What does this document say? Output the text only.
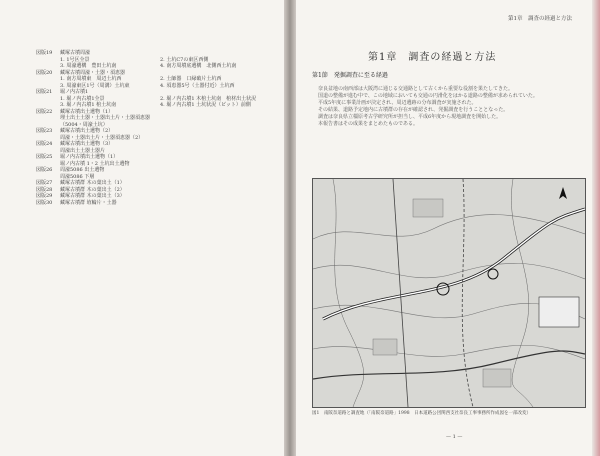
図版19	藏塚古墳周濠
1. 1号区全景	2. 土坑C7の東区西側
3. 周濠遺構　豊田土坑南	4. 南方周墳底遺構　北側西土坑南
図版20	藏塚古墳周濠・土器・須恵器
1. 南方周墳東　周辺土坑西	2. 土師器　口縁破片土坑西
3. 周濠東区1号（周溝）土坑東	4. 須恵器5号（土器付近）土坑西
図版21	堀ノ内古墳1
1. 堀ノ内古墳1全景	2. 堀ノ内古墳1 木棺土坑南　棺材出土状況
3. 堀ノ内古墳1 棺土坑南	4. 堀ノ内古墳1 土坑状況（ピット）前側
図版22	藏塚古墳出土遺物（1）
埋土出土土器・土器出土片・土器須恵器（5004・周濠土坑）
図版23	藏塚古墳出土遺物（2）
周濠・土器出土片・土器須恵器（2）
図版24	藏塚古墳出土遺物（3）
周濠出土土器土器片
図版25	堀ノ内古墳出土遺物（1）
堀ノ内古墳 1・2 土坑出土遺物
図版26	周濠5086 出土遺物
周濠5086 下層
図版27	藏塚古墳群 木の葉出土（1）
図版28	藏塚古墳群 木の葉出土（2）
図版29	藏塚古墳群 木の葉出土（3）
図版30	藏塚古墳群 埴輪片・土器
第1章　調査の経過と方法
第1章　調査の経過と方法
第1節　発掘調査に至る経過

奈良盆地の南西部は大阪湾に通じる交通路として古くから重要な役割を果たしてきた。

国道の整備が進む中で、この地域においても交通の円滑化をはかる道路の整備が求められていた。

平成5年度に事業計画が決定され、周辺遺跡の分布調査が実施された。

その結果、道路予定地内に古墳群の存在が確認され、発掘調査を行うこととなった。

調査は奈良県立橿原考古学研究所が担当し、平成6年度から現地調査を開始した。

本報告書はその成果をまとめたものである。

図1　南阪奈道路と調査地（「南阪奈道路」1998　日本道路公団関西支社奈良工事事務所作成図を一部改変）
— 1 —
